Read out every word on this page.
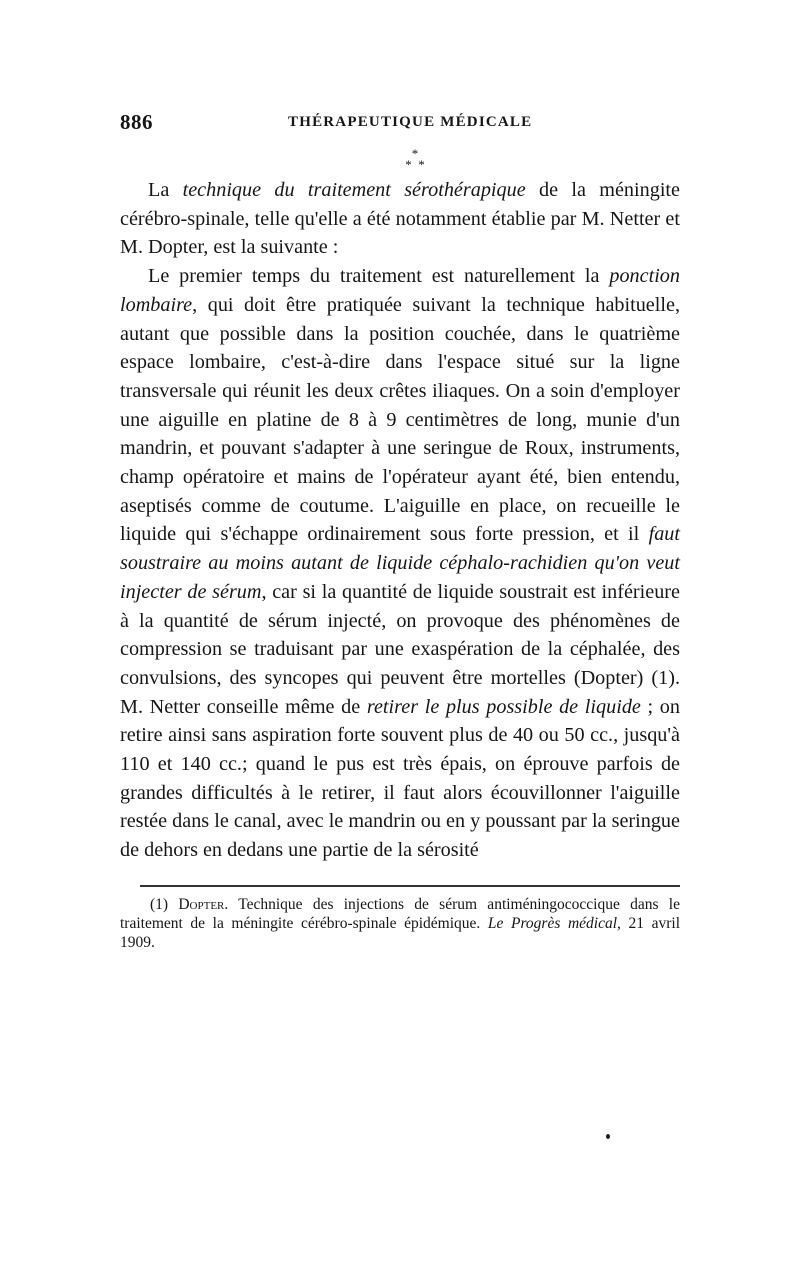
886	THÉRAPEUTIQUE MÉDICALE
*
*  *

La technique du traitement sérothérapique de la méningite cérébro-spinale, telle qu'elle a été notamment établie par M. Netter et M. Dopter, est la suivante :

Le premier temps du traitement est naturellement la ponction lombaire, qui doit être pratiquée suivant la technique habituelle, autant que possible dans la position couchée, dans le quatrième espace lombaire, c'est-à-dire dans l'espace situé sur la ligne transversale qui réunit les deux crêtes iliaques. On a soin d'employer une aiguille en platine de 8 à 9 centimètres de long, munie d'un mandrin, et pouvant s'adapter à une seringue de Roux, instruments, champ opératoire et mains de l'opérateur ayant été, bien entendu, aseptisés comme de coutume. L'aiguille en place, on recueille le liquide qui s'échappe ordinairement sous forte pression, et il faut soustraire au moins autant de liquide céphalo-rachidien qu'on veut injecter de sérum, car si la quantité de liquide soustrait est inférieure à la quantité de sérum injecté, on provoque des phénomènes de compression se traduisant par une exaspération de la céphalée, des convulsions, des syncopes qui peuvent être mortelles (Dopter) (1). M. Netter conseille même de retirer le plus possible de liquide ; on retire ainsi sans aspiration forte souvent plus de 40 ou 50 cc., jusqu'à 110 et 140 cc.; quand le pus est très épais, on éprouve parfois de grandes difficultés à le retirer, il faut alors écouvillonner l'aiguille restée dans le canal, avec le mandrin ou en y poussant par la seringue de dehors en dedans une partie de la sérosité

(1) Dopter. Technique des injections de sérum antiméningococcique dans le traitement de la méningite cérébro-spinale épidémique. Le Progrès médical, 21 avril 1909.
